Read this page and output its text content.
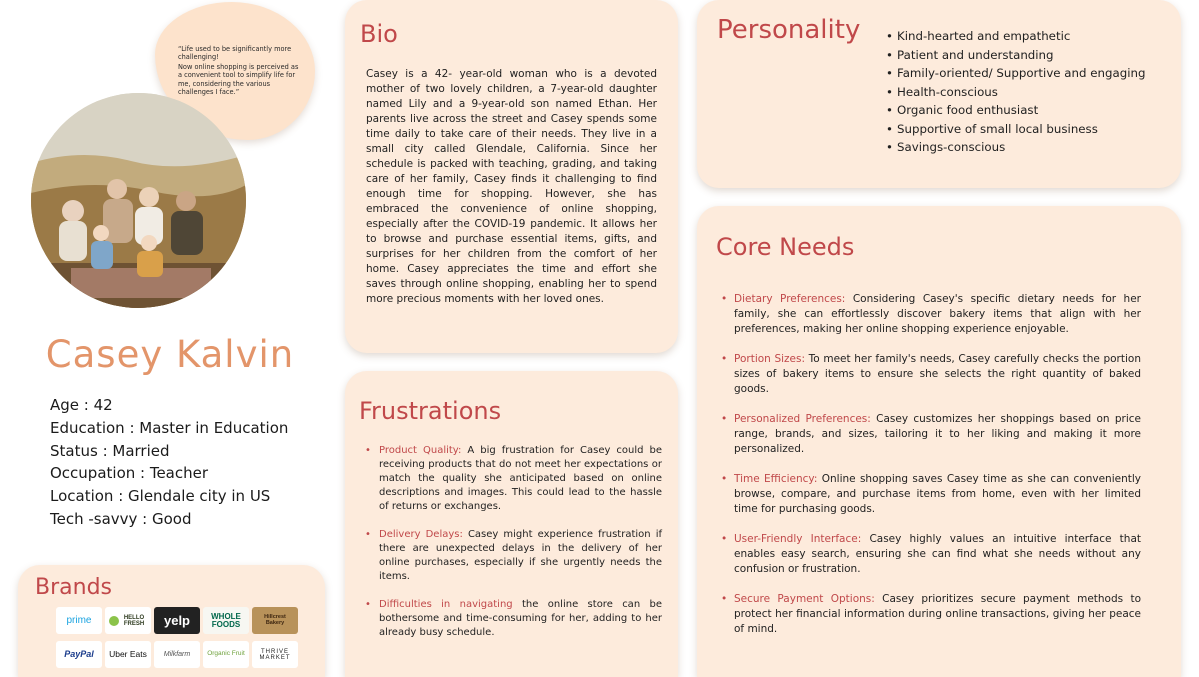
“Life used to be significantly more challenging!

Now online shopping is perceived as a convenient tool to simplify life for me, considering the various challenges I face.”

Casey Kalvin
Age : 42
Education : Master in Education
Status : Married
Occupation : Teacher
Location : Glendale city in US
Tech -savvy : Good
Brands
prime	HELLO FRESH yelp	WHOLE FOODS
Hillcrest Bakery
PayPal Uber Eats Milkfarm	Organic Fruit	THRIVE MARKET
Bio
Casey is a 42- year-old woman who is a devoted mother of two lovely children, a 7-year-old daughter named Lily and a 9-year-old son named Ethan. Her parents live across the street and Casey spends some time daily to take care of their needs. They live in a small city called Glendale, California. Since her schedule is packed with teaching, grading, and taking care of her family, Casey finds it challenging to find enough time for shopping. However, she has embraced the convenience of online shopping, especially after the COVID-19 pandemic. It allows her to browse and purchase essential items, gifts, and surprises for her children from the comfort of her home. Casey appreciates the time and effort she saves through online shopping, enabling her to spend more precious moments with her loved ones.
Frustrations
• Product Quality: A big frustration for Casey could be receiving products that do not meet her expectations or match the quality she anticipated based on online descriptions and images. This could lead to the hassle of returns or exchanges.
• Delivery Delays: Casey might experience frustration if there are unexpected delays in the delivery of her online purchases, especially if she urgently needs the items.
• Difficulties in navigating the online store can be bothersome and time-consuming for her, adding to her already busy schedule.
Personality
•	Kind-hearted and empathetic
• Patient and understanding
• Family-oriented/ Supportive and engaging
• Health-conscious
• Organic food enthusiast
• Supportive of small local business
• Savings-conscious
Core Needs
• Dietary Preferences: Considering Casey's specific dietary needs for her family, she can effortlessly discover bakery items that align with her preferences, making her online shopping experience enjoyable.
• Portion Sizes: To meet her family's needs, Casey carefully checks the portion sizes of bakery items to ensure she selects the right quantity of baked goods.
• Personalized Preferences: Casey customizes her shoppings based on price range, brands, and sizes, tailoring it to her liking and making it more personalized.
• Time Efficiency: Online shopping saves Casey time as she can conveniently browse, compare, and purchase items from home, even with her limited time for purchasing goods.
• User-Friendly Interface: Casey highly values an intuitive interface that enables easy search, ensuring she can find what she needs without any confusion or frustration.
• Secure Payment Options: Casey prioritizes secure payment methods to protect her financial information during online transactions, giving her peace of mind.
